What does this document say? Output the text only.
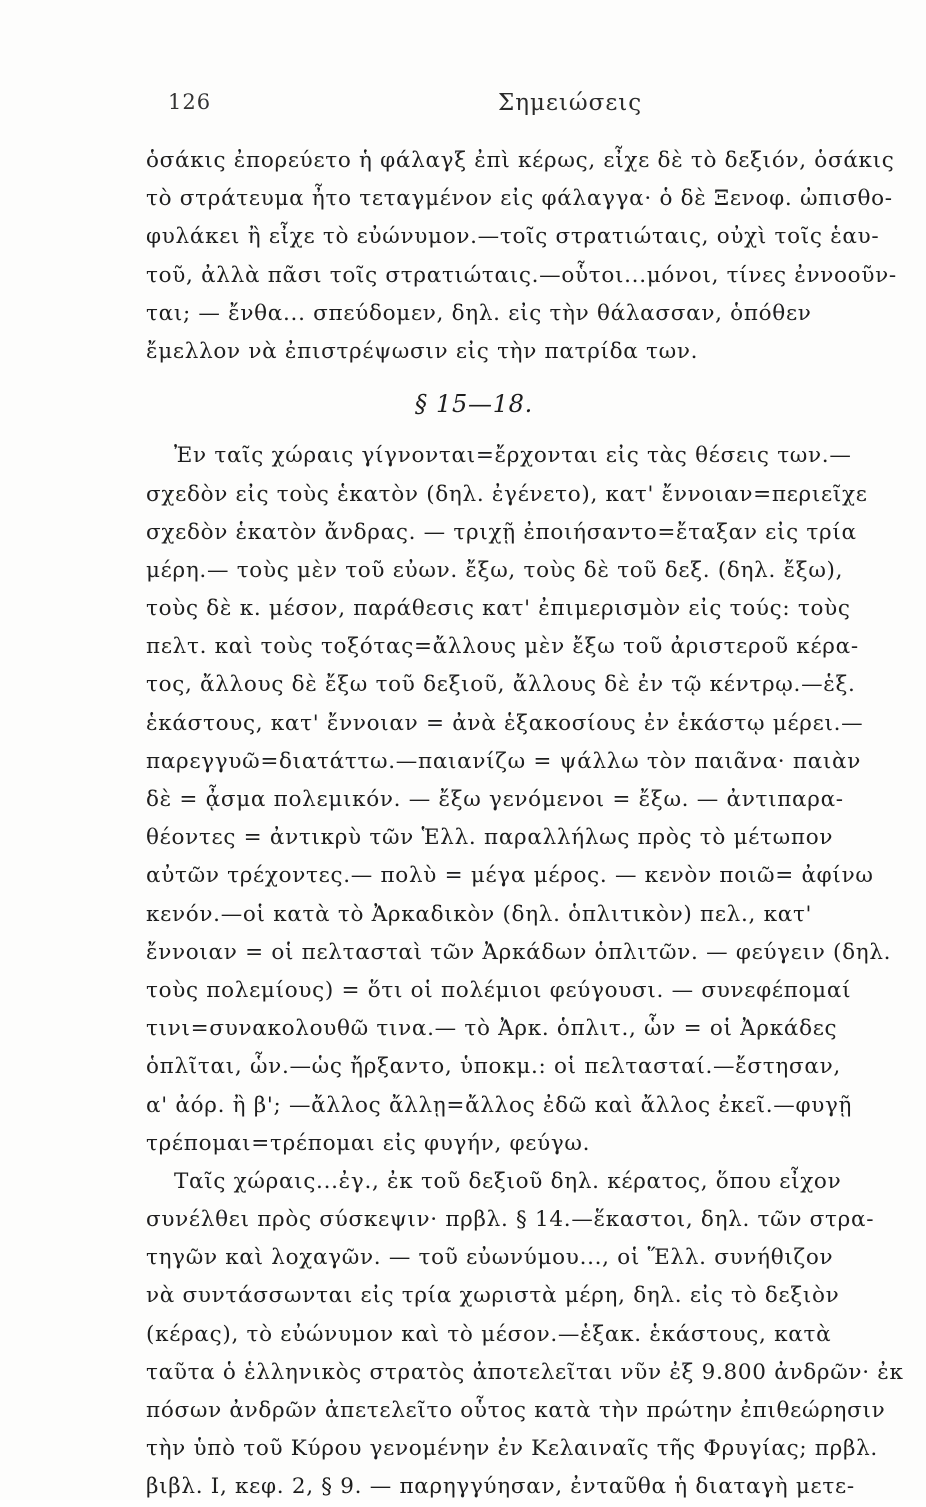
126	Σημειώσεις
ὁσάκις ἐπορεύετο ἡ φάλαγξ ἐπὶ κέρως, εἶχε δὲ τὸ δεξιόν, ὁσάκις
τὸ στράτευμα ἦτο τεταγμένον εἰς φάλαγγα· ὁ δὲ Ξενοφ. ὠπισθο-
φυλάκει ἢ εἶχε τὸ εὐώνυμον.—τοῖς στρατιώταις, οὐχὶ τοῖς ἑαυ-
τοῦ, ἀλλὰ πᾶσι τοῖς στρατιώταις.—οὗτοι...μόνοι, τίνες ἐννοοῦν-
ται; — ἔνθα... σπεύδομεν, δηλ. εἰς τὴν θάλασσαν, ὁπόθεν
ἔμελλον νὰ ἐπιστρέψωσιν εἰς τὴν πατρίδα των.
§ 15—18.
Ἐν ταῖς χώραις γίγνονται=ἔρχονται εἰς τὰς θέσεις των.—
σχεδὸν εἰς τοὺς ἑκατὸν (δηλ. ἐγένετο), κατ' ἔννοιαν=περιεῖχε
σχεδὸν ἑκατὸν ἄνδρας. — τριχῇ ἐποιήσαντο=ἔταξαν εἰς τρία
μέρη.— τοὺς μὲν τοῦ εὐων. ἔξω, τοὺς δὲ τοῦ δεξ. (δηλ. ἔξω),
τοὺς δὲ κ. μέσον, παράθεσις κατ' ἐπιμερισμὸν εἰς τούς: τοὺς
πελτ. καὶ τοὺς τοξότας=ἄλλους μὲν ἔξω τοῦ ἀριστεροῦ κέρα-
τος, ἄλλους δὲ ἔξω τοῦ δεξιοῦ, ἄλλους δὲ ἐν τῷ κέντρῳ.—ἑξ.
ἑκάστους, κατ' ἔννοιαν = ἀνὰ ἑξακοσίους ἐν ἑκάστῳ μέρει.—
παρεγγυῶ=διατάττω.—παιανίζω = ψάλλω τὸν παιᾶνα· παιὰν
δὲ = ᾆσμα πολεμικόν. — ἔξω γενόμενοι = ἔξω. — ἀντιπαρα-
θέοντες = ἀντικρὺ τῶν Ἑλλ. παραλλήλως πρὸς τὸ μέτωπον
αὐτῶν τρέχοντες.— πολὺ = μέγα μέρος. — κενὸν ποιῶ= ἀφίνω
κενόν.—οἱ κατὰ τὸ Ἀρκαδικὸν (δηλ. ὁπλιτικὸν) πελ., κατ'
ἔννοιαν = οἱ πελτασταὶ τῶν Ἀρκάδων ὁπλιτῶν. — φεύγειν (δηλ.
τοὺς πολεμίους) = ὅτι οἱ πολέμιοι φεύγουσι. — συνεφέπομαί
τινι=συνακολουθῶ τινα.— τὸ Ἀρκ. ὁπλιτ., ὧν = οἱ Ἀρκάδες
ὁπλῖται, ὧν.—ὡς ἤρξαντο, ὑποκμ.: οἱ πελτασταί.—ἔστησαν,
α' ἀόρ. ἢ β'; —ἄλλος ἄλλῃ=ἄλλος ἐδῶ καὶ ἄλλος ἐκεῖ.—φυγῇ
τρέπομαι=τρέπομαι εἰς φυγήν, φεύγω.
Ταῖς χώραις...ἐγ., ἐκ τοῦ δεξιοῦ δηλ. κέρατος, ὅπου εἶχον
συνέλθει πρὸς σύσκεψιν· πρβλ. § 14.—ἕκαστοι, δηλ. τῶν στρα-
τηγῶν καὶ λοχαγῶν. — τοῦ εὐωνύμου..., οἱ Ἕλλ. συνήθιζον
νὰ συντάσσωνται εἰς τρία χωριστὰ μέρη, δηλ. εἰς τὸ δεξιὸν
(κέρας), τὸ εὐώνυμον καὶ τὸ μέσον.—ἑξακ. ἑκάστους, κατὰ
ταῦτα ὁ ἑλληνικὸς στρατὸς ἀποτελεῖται νῦν ἐξ 9.800 ἀνδρῶν· ἐκ
πόσων ἀνδρῶν ἀπετελεῖτο οὗτος κατὰ τὴν πρώτην ἐπιθεώρησιν
τὴν ὑπὸ τοῦ Κύρου γενομένην ἐν Κελαιναῖς τῆς Φρυγίας; πρβλ.
βιβλ. I, κεφ. 2, § 9. — παρηγγύησαν, ἐνταῦθα ἡ διαταγὴ μετε-
